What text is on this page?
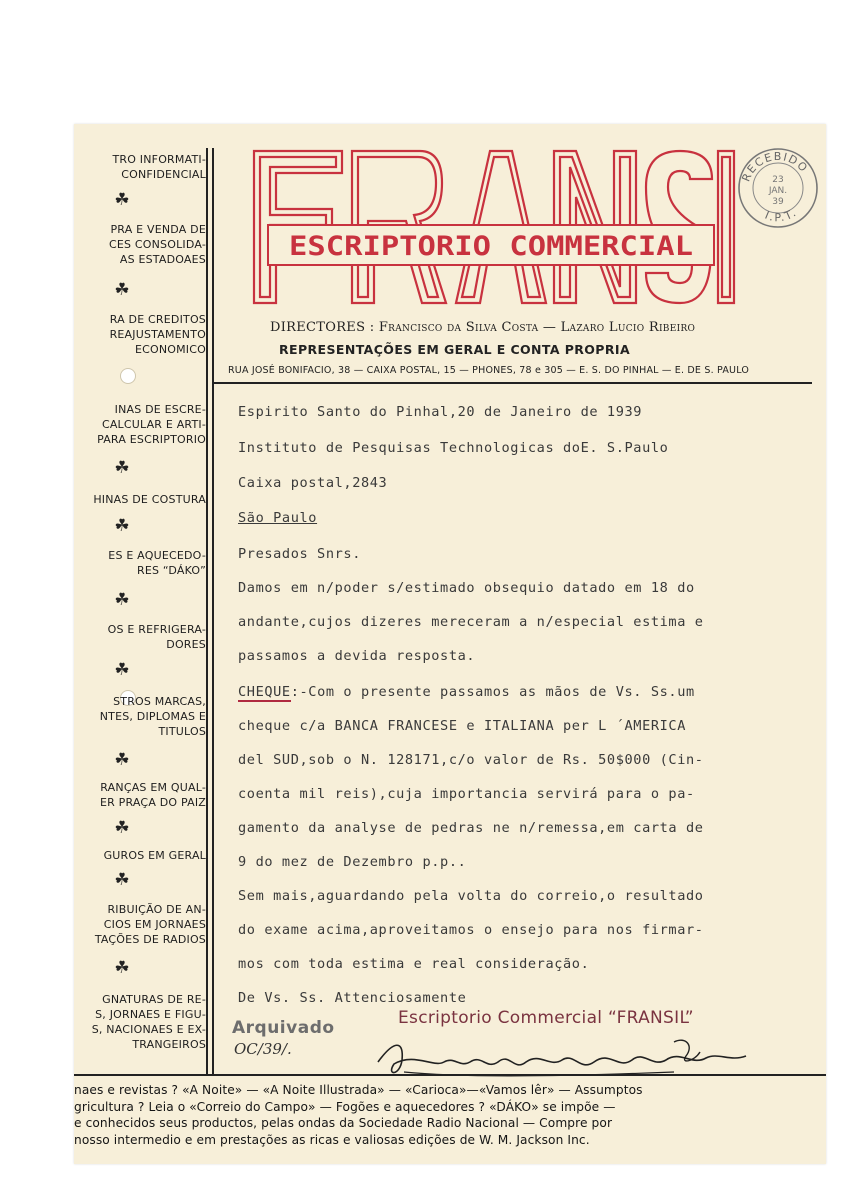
TRO INFORMATI-
CONFIDENCIAL
☘
PRA E VENDA DE
CES CONSOLIDA-
AS ESTADOAES
☘
RA DE CREDITOS
REAJUSTAMENTO
ECONOMICO
INAS DE ESCRE-
CALCULAR E ARTI-
PARA ESCRIPTORIO
☘
HINAS DE COSTURA
☘
ES E AQUECEDO-
RES “DÁKO”
☘
OS E REFRIGERA-
DORES
☘
STROS MARCAS,
NTES, DIPLOMAS E
TITULOS
☘
RANÇAS EM QUAL-
ER PRAÇA DO PAIZ
☘
GUROS EM GERAL
☘
RIBUIÇÃO DE AN-
CIOS EM JORNAES
TAÇÕES DE RADIOS
☘
GNATURAS DE RE-
S, JORNAES E FIGU-
S, NACIONAES E EX-
TRANGEIROS
ESCRIPTORIO COMMERCIAL
RECEBIDO
I.P.T.
23
JAN.
39
DIRECTORES : Francisco da Silva Costa — Lazaro Lucio Ribeiro
REPRESENTAÇÕES EM GERAL E CONTA PROPRIA
RUA JOSÉ BONIFACIO, 38 — CAIXA POSTAL, 15 — PHONES, 78 e 305 — E. S. DO PINHAL — E. DE S. PAULO
Espirito Santo do Pinhal,20 de Janeiro de 1939
Instituto de Pesquisas Technologicas doE. S.Paulo
Caixa postal,2843
São Paulo
Presados Snrs.
Damos em n/poder s/estimado obsequio datado em 18 do
andante,cujos dizeres mereceram a n/especial estima e
passamos a devida resposta.
CHEQUE:-Com o presente passamos as mãos de Vs. Ss.um
cheque c/a BANCA FRANCESE e ITALIANA per L ´AMERICA
del SUD,sob o N. 128171,c/o valor de Rs. 50$000 (Cin-
coenta mil reis),cuja importancia servirá para o pa-
gamento da analyse de pedras ne n/remessa,em carta de
9 do mez de Dezembro p.p..
Sem mais,aguardando pela volta do correio,o resultado
do exame acima,aproveitamos o ensejo para nos firmar-
mos com toda estima e real consideração.
De Vs. Ss. Attenciosamente
Escriptorio Commercial “FRANSIL”
Arquivado
OC/39/.
naes e revistas ? «A Noite» — «A Noite Illustrada» — «Carioca»—«Vamos lêr» — Assumptos
gricultura ? Leia o «Correio do Campo» — Fogões e aquecedores ? «DÁKO» se impõe —
e conhecidos seus productos, pelas ondas da Sociedade Radio Nacional — Compre por
nosso intermedio e em prestações as ricas e valiosas edições de W. M. Jackson Inc.
